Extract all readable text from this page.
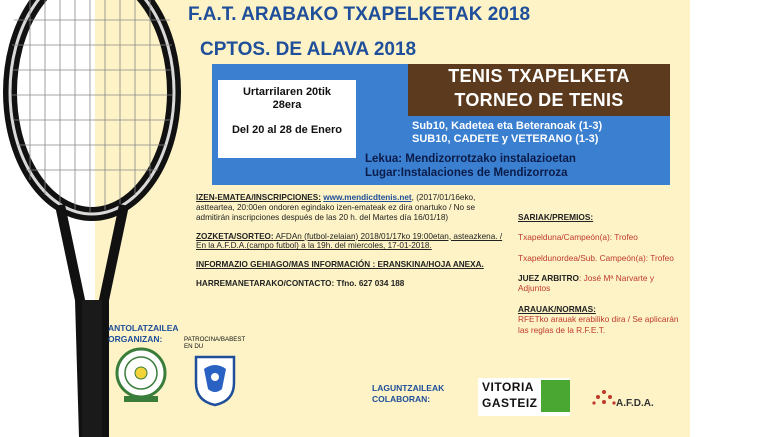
F.A.T. ARABAKO TXAPELKETAK 2018
CPTOS. DE ALAVA 2018
Urtarrilaren 20tik
28era
Del 20 al 28 de Enero
TENIS TXAPELKETA
TORNEO DE TENIS
Sub10, Kadetea eta Beteranoak (1-3)
SUB10, CADETE y VETERANO (1-3)
Lekua: Mendizorrotzako instalazioetan
Lugar:Instalaciones de Mendizorroza
IZEN-EMATEA/INSCRIPCIONES: www.mendicdtenis.net, (2017/01/16eko, astteartea, 20:00en ondoren egindako izen-emateak ez dira onartuko / No se admitirán inscripciones después de las 20 h. del Martes día 16/01/18)
ZOZKETA/SORTEO: AFDAn (futbol-zelaian) 2018/01/17ko 19:00etan, asteazkena. / En la A.F.D.A.(campo futbol) a la 19h. del miercoles, 17-01-2018.
INFORMAZIO GEHIAGO/MAS INFORMACIÓN : ERANSKINA/HOJA ANEXA.
HARREMANETARAKO/CONTACTO: Tfno. 627 034 188
SARIAK/PREMIOS:
Txapelduna/Campeón(a): Trofeo
Txapeldunordea/Sub. Campeón(a): Trofeo
JUEZ ARBITRO: José Mª Narvarte y Adjuntos
ARAUAK/NORMAS:
RFETko arauak erabiliko dira / Se aplicarán las reglas de la R.F.E.T.
ANTOLATZAILEA
ORGANIZAN:	PATROCINA/BABEST
EN DU
LAGUNTZAILEAK
COLABORAN:
VITORIA
GASTEIZ	A.F.D.A.
